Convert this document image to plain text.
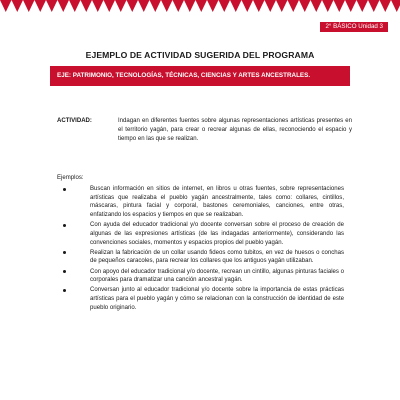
2° BÁSICO Unidad 3
EJEMPLO DE ACTIVIDAD SUGERIDA DEL PROGRAMA
EJE: PATRIMONIO, TECNOLOGÍAS, TÉCNICAS, CIENCIAS Y ARTES ANCESTRALES.
ACTIVIDAD:	Indagan en diferentes fuentes sobre algunas representaciones artísticas presentes en el territorio yagán, para crear o recrear algunas de ellas, reconociendo el espacio y tiempo en las que se realizan.
Ejemplos:
Buscan información en sitios de internet, en libros u otras fuentes, sobre representaciones artísticas que realizaba el pueblo yagán ancestralmente, tales como: collares, cintillos, máscaras, pintura facial y corporal, bastones ceremoniales, canciones, entre otras, enfatizando los espacios y tiempos en que se realizaban.
Con ayuda del educador tradicional y/o docente conversan sobre el proceso de creación de algunas de las expresiones artísticas (de las indagadas anteriormente), considerando las convenciones sociales, momentos y espacios propios del pueblo yagán.
Realizan la fabricación de un collar usando fideos como tubitos, en vez de huesos o conchas de pequeños caracoles, para recrear los collares que los antiguos yagán utilizaban.
Con apoyo del educador tradicional y/o docente, recrean un cintillo, algunas pinturas faciales o corporales para dramatizar una canción ancestral yagán.
Conversan junto al educador tradicional y/o docente sobre la importancia de estas prácticas artísticas para el pueblo yagán y cómo se relacionan con la construcción de identidad de este pueblo originario.
